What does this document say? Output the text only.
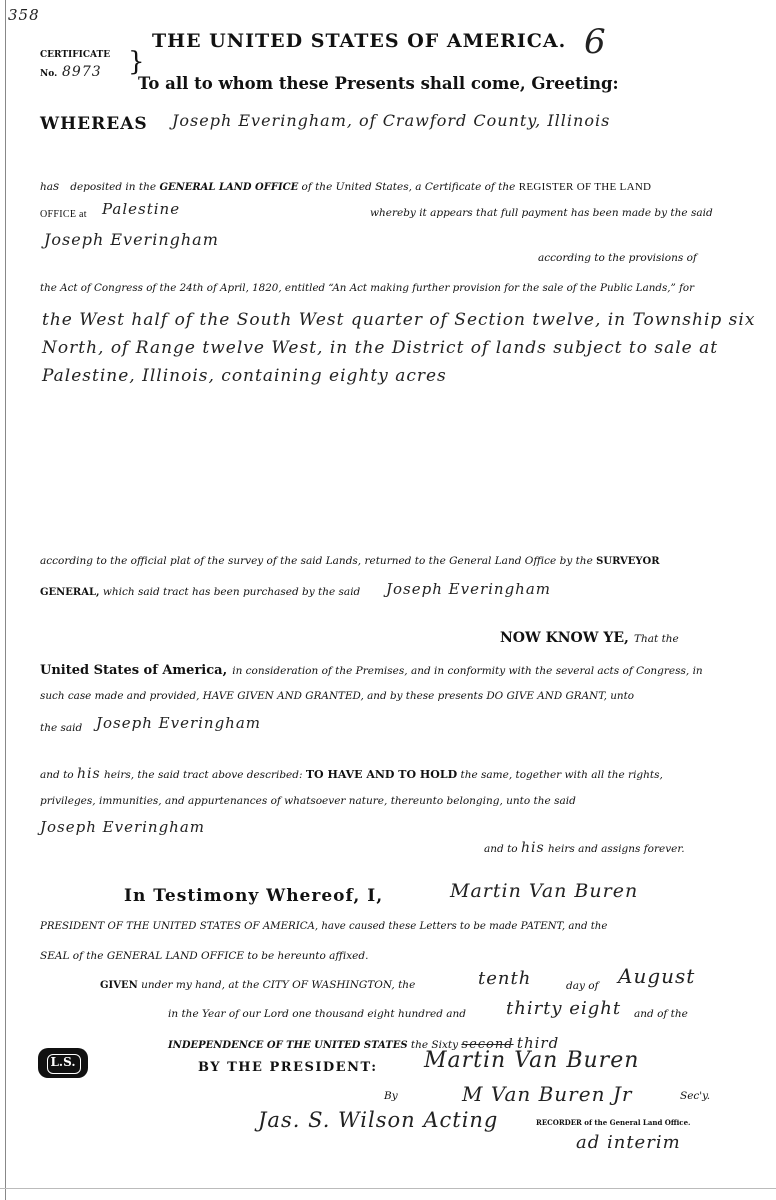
358
6
THE UNITED STATES OF AMERICA.
CERTIFICATE }
No. 8973
To all to whom these Presents shall come, Greeting:
WHEREAS Joseph Everingham, of Crawford County, Illinois
has deposited in the GENERAL LAND OFFICE of the United States, a Certificate of the REGISTER OF THE LAND
OFFICE at Palestine	whereby it appears that full payment has been made by the said
Joseph Everingham
according to the provisions of
the Act of Congress of the 24th of April, 1820, entitled “An Act making further provision for the sale of the Public Lands,” for
the West half of the South West quarter of Section twelve, in Township six
North, of Range twelve West, in the District of lands subject to sale at
Palestine, Illinois, containing eighty acres
according to the official plat of the survey of the said Lands, returned to the General Land Office by the SURVEYOR
GENERAL, which said tract has been purchased by the said Joseph Everingham
NOW KNOW YE, That the
United States of America, in consideration of the Premises, and in conformity with the several acts of Congress, in
such case made and provided, HAVE GIVEN AND GRANTED, and by these presents DO GIVE AND GRANT, unto
the said Joseph Everingham
and to his heirs, the said tract above described: TO HAVE AND TO HOLD the same, together with all the rights,
privileges, immunities, and appurtenances of whatsoever nature, thereunto belonging, unto the said
Joseph Everingham
and to his heirs and assigns forever.
In Testimony Whereof, I,	Martin Van Buren
PRESIDENT OF THE UNITED STATES OF AMERICA, have caused these Letters to be made PATENT, and the
SEAL of the GENERAL LAND OFFICE to be hereunto affixed.
GIVEN under my hand, at the CITY OF WASHINGTON, the	tenth	day of August
in the Year of our Lord one thousand eight hundred and thirty eight and of the
INDEPENDENCE OF THE UNITED STATES the Sixty second third
L.S.	BY THE PRESIDENT: Martin Van Buren
By	M Van Buren Jr	Sec'y.
Jas. S. Wilson Acting	RECORDER of the General Land Office.
ad interim
